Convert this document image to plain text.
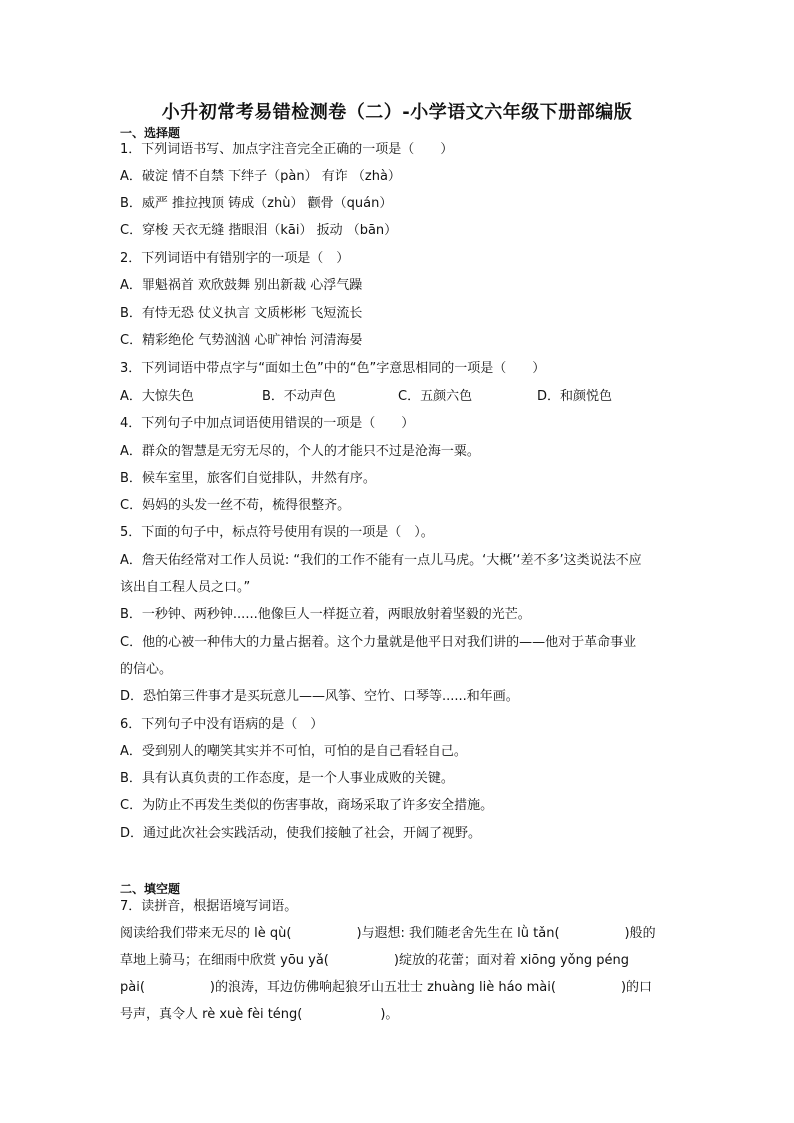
小升初常考易错检测卷（二）-小学语文六年级下册部编版
一、选择题
1．下列词语书写、加点字注音完全正确的一项是（　　）
A．破淀 情不自禁 下绊子（pàn） 有诈 （zhà）
B．威严 推拉拽顶 铸成（zhù） 颧骨（quán）
C．穿梭 天衣无缝 揩眼泪（kāi） 扳动 （bān）
2．下列词语中有错别字的一项是（　）
A．罪魁祸首 欢欣鼓舞 别出新裁 心浮气躁
B．有恃无恐 仗义执言 文质彬彬 飞短流长
C．精彩绝伦 气势汹汹 心旷神怡 河清海晏
3．下列词语中带点字与“面如土色”中的“色”字意思相同的一项是（　　）
A．大惊失色	B．不动声色	C．五颜六色	D．和颜悦色
4．下列句子中加点词语使用错误的一项是（　　）
A．群众的智慧是无穷无尽的，个人的才能只不过是沧海一粟。
B．候车室里，旅客们自觉排队，井然有序。
C．妈妈的头发一丝不苟，梳得很整齐。
5．下面的句子中，标点符号使用有误的一项是（　）。
A．詹天佑经常对工作人员说: “我们的工作不能有一点儿马虎。‘大概’‘差不多’这类说法不应
该出自工程人员之口。”
B．一秒钟、两秒钟......他像巨人一样挺立着，两眼放射着坚毅的光芒。
C．他的心被一种伟大的力量占据着。这个力量就是他平日对我们讲的——他对于革命事业
的信心。
D．恐怕第三件事才是买玩意儿——风筝、空竹、口琴等......和年画。
6．下列句子中没有语病的是（　）
A．受到别人的嘲笑其实并不可怕，可怕的是自己看轻自己。
B．具有认真负责的工作态度，是一个人事业成败的关键。
C．为防止不再发生类似的伤害事故，商场采取了许多安全措施。
D．通过此次社会实践活动，使我们接触了社会，开阔了视野。
二、填空题
7．读拼音，根据语境写词语。
阅读给我们带来无尽的 lè qù(　　　　　)与遐想: 我们随老舍先生在 lǜ tǎn(　　　　　)般的
草地上骑马；在细雨中欣赏 yōu yǎ(　　　　　)绽放的花蕾；面对着 xiōng yǒng péng
pài(　　　　　)的浪涛，耳边仿佛响起狼牙山五壮士 zhuàng liè háo mài(　　　　　)的口
号声，真令人 rè xuè fèi téng(　　　　　　)。
